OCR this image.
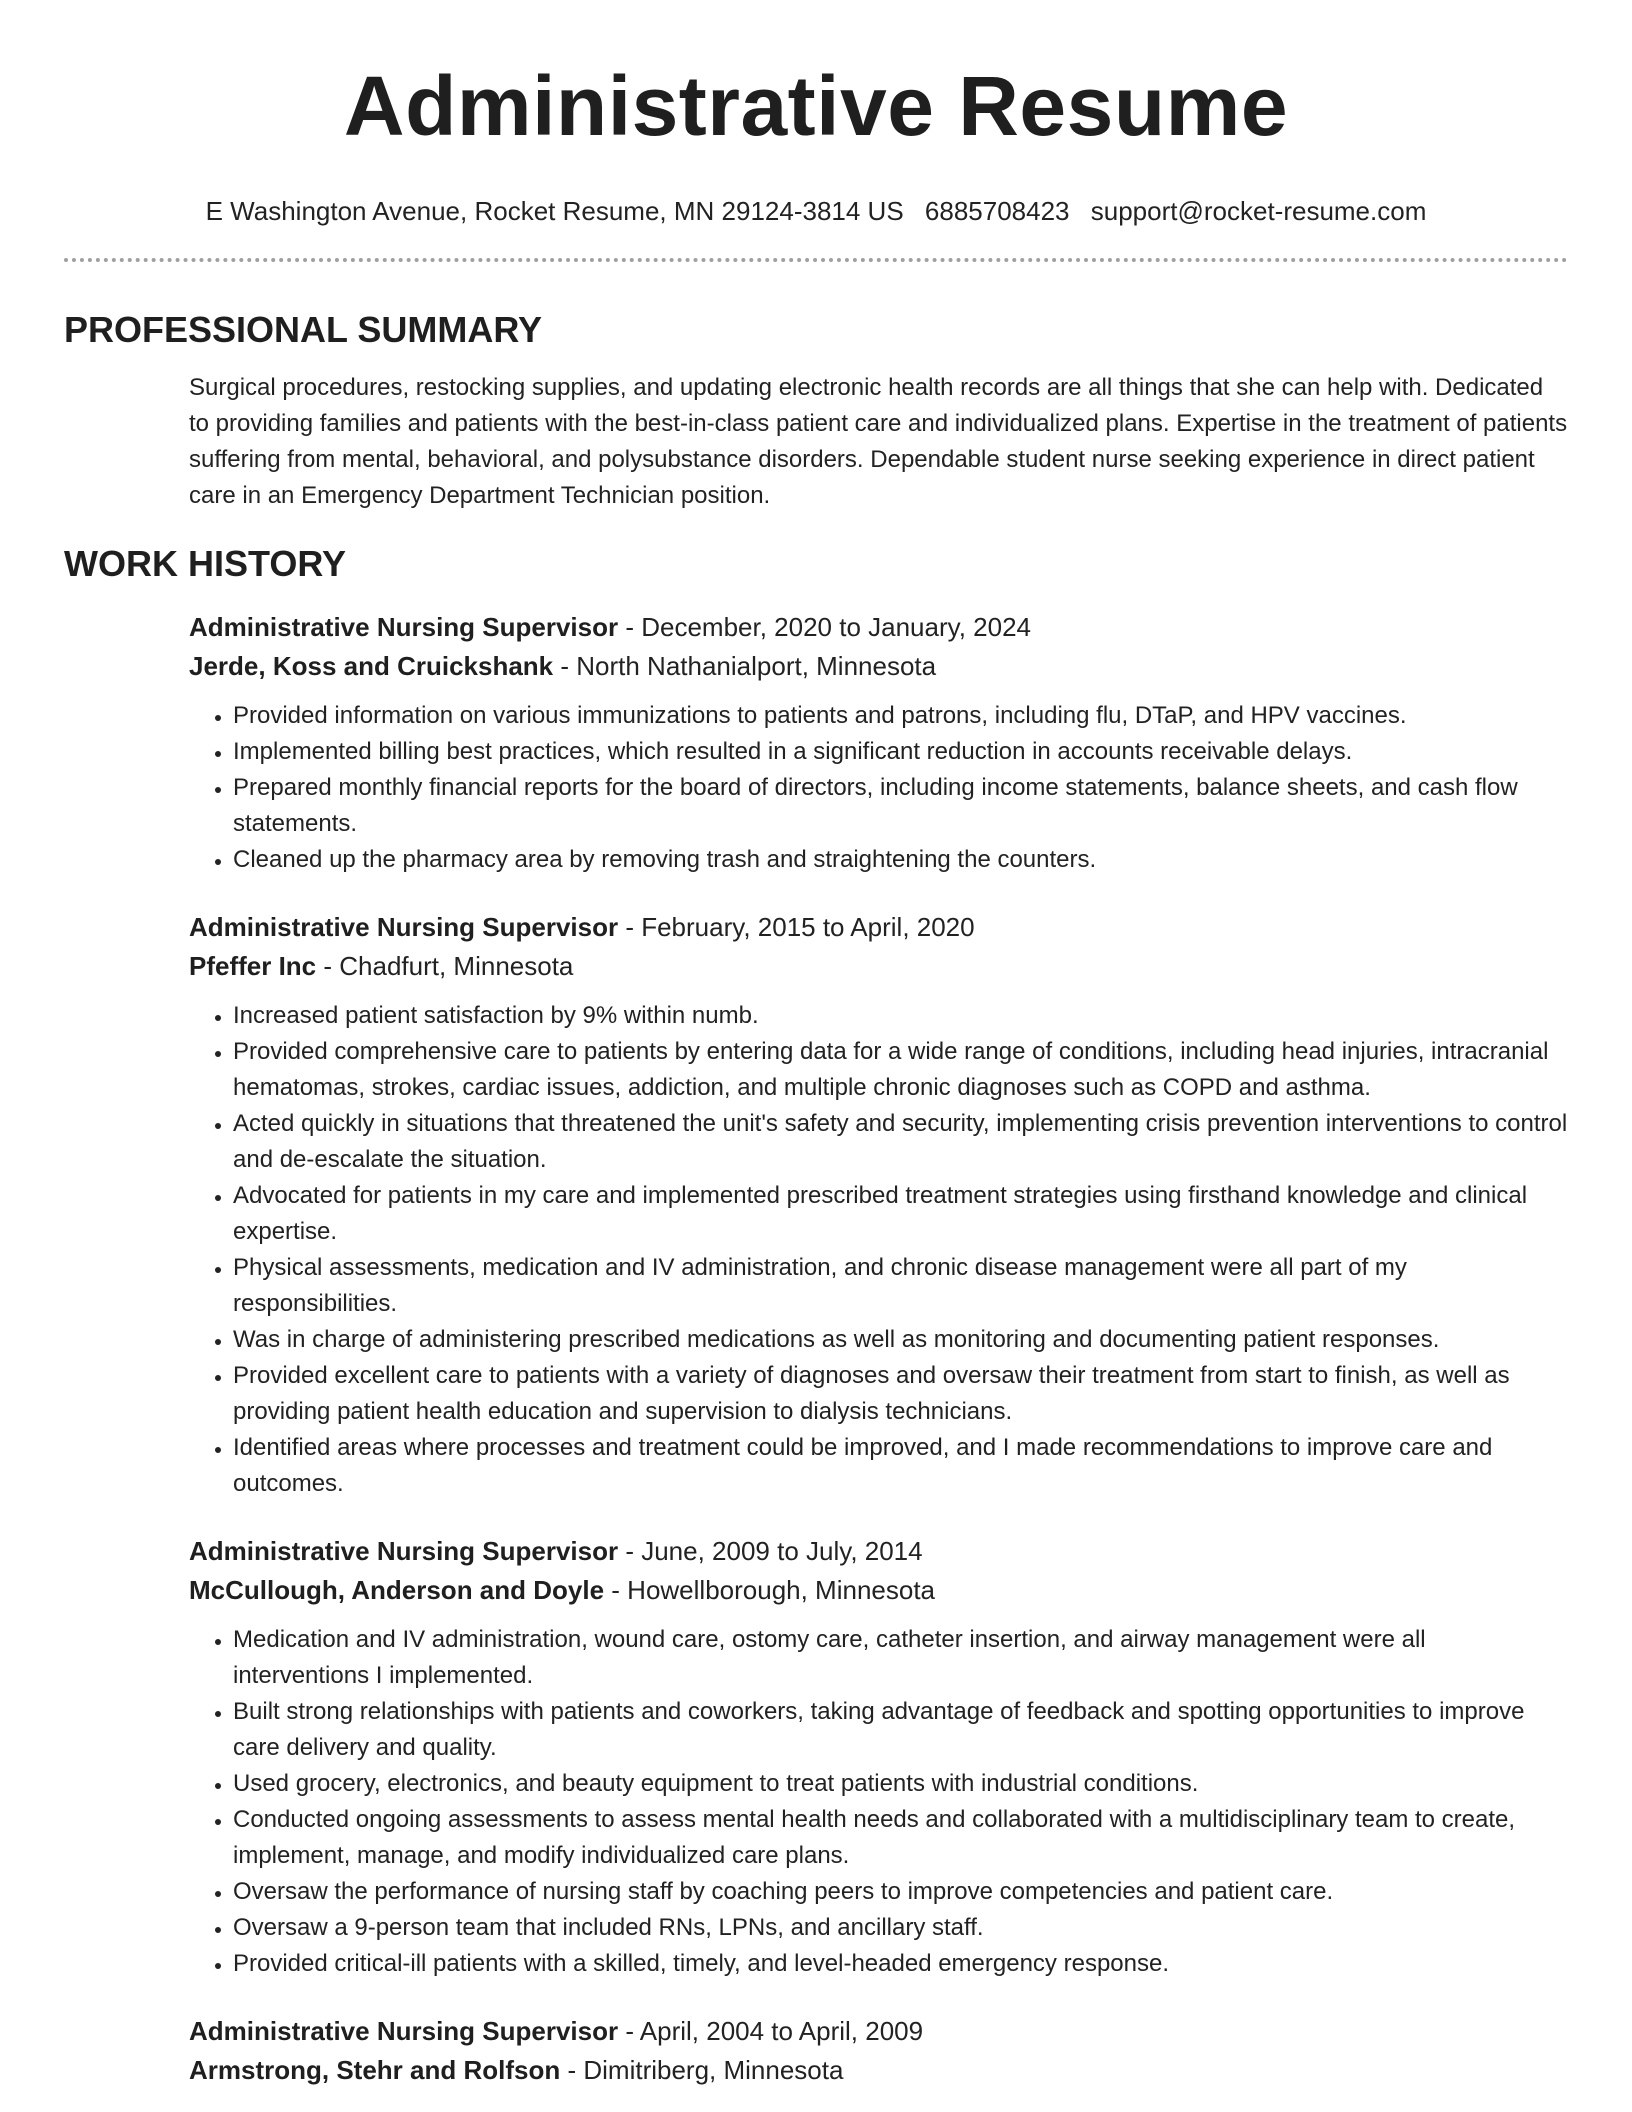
Administrative Resume
E Washington Avenue, Rocket Resume, MN 29124-3814 US 6885708423 support@rocket-resume.com
PROFESSIONAL SUMMARY

Surgical procedures, restocking supplies, and updating electronic health records are all things that she can help with. Dedicated to providing families and patients with the best-in-class patient care and individualized plans. Expertise in the treatment of patients suffering from mental, behavioral, and polysubstance disorders. Dependable student nurse seeking experience in direct patient care in an Emergency Department Technician position.

WORK HISTORY
Administrative Nursing Supervisor - December, 2020 to January, 2024
Jerde, Koss and Cruickshank - North Nathanialport, Minnesota
• Provided information on various immunizations to patients and patrons, including flu, DTaP, and HPV vaccines.
• Implemented billing best practices, which resulted in a significant reduction in accounts receivable delays.
• Prepared monthly financial reports for the board of directors, including income statements, balance sheets, and cash flow statements.
• Cleaned up the pharmacy area by removing trash and straightening the counters.
Administrative Nursing Supervisor - February, 2015 to April, 2020
Pfeffer Inc - Chadfurt, Minnesota
• Increased patient satisfaction by 9% within numb.
• Provided comprehensive care to patients by entering data for a wide range of conditions, including head injuries, intracranial hematomas, strokes, cardiac issues, addiction, and multiple chronic diagnoses such as COPD and asthma.
• Acted quickly in situations that threatened the unit's safety and security, implementing crisis prevention interventions to control and de-escalate the situation.
• Advocated for patients in my care and implemented prescribed treatment strategies using firsthand knowledge and clinical expertise.
• Physical assessments, medication and IV administration, and chronic disease management were all part of my responsibilities.
• Was in charge of administering prescribed medications as well as monitoring and documenting patient responses.
• Provided excellent care to patients with a variety of diagnoses and oversaw their treatment from start to finish, as well as providing patient health education and supervision to dialysis technicians.
• Identified areas where processes and treatment could be improved, and I made recommendations to improve care and outcomes.
Administrative Nursing Supervisor - June, 2009 to July, 2014
McCullough, Anderson and Doyle - Howellborough, Minnesota
• Medication and IV administration, wound care, ostomy care, catheter insertion, and airway management were all interventions I implemented.
• Built strong relationships with patients and coworkers, taking advantage of feedback and spotting opportunities to improve care delivery and quality.
• Used grocery, electronics, and beauty equipment to treat patients with industrial conditions.
• Conducted ongoing assessments to assess mental health needs and collaborated with a multidisciplinary team to create, implement, manage, and modify individualized care plans.
• Oversaw the performance of nursing staff by coaching peers to improve competencies and patient care.
• Oversaw a 9-person team that included RNs, LPNs, and ancillary staff.
• Provided critical-ill patients with a skilled, timely, and level-headed emergency response.
Administrative Nursing Supervisor - April, 2004 to April, 2009
Armstrong, Stehr and Rolfson - Dimitriberg, Minnesota
